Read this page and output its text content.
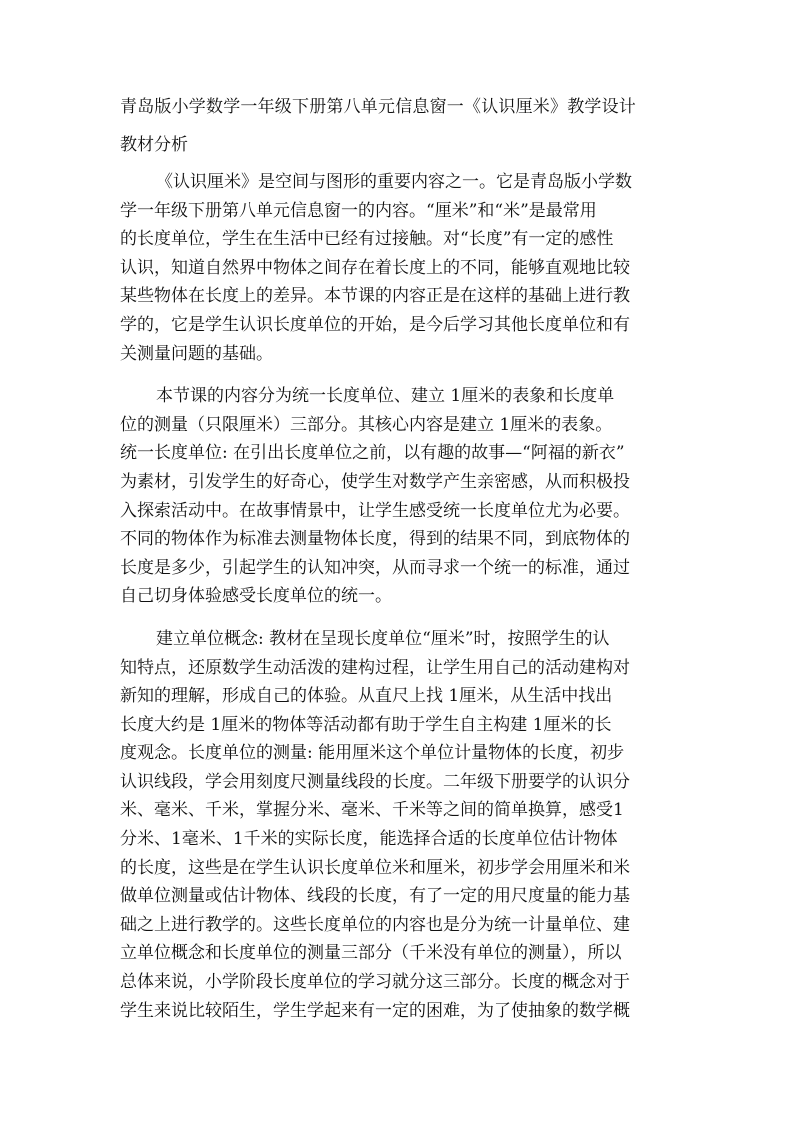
青岛版小学数学一年级下册第八单元信息窗一《认识厘米》教学设计
教材分析
《认识厘米》是空间与图形的重要内容之一。它是青岛版小学数
学一年级下册第八单元信息窗一的内容。“厘米”和“米”是最常用
的长度单位，学生在生活中已经有过接触。对“长度”有一定的感性
认识，知道自然界中物体之间存在着长度上的不同，能够直观地比较
某些物体在长度上的差异。本节课的内容正是在这样的基础上进行教
学的，它是学生认识长度单位的开始，是今后学习其他长度单位和有
关测量问题的基础。
本节课的内容分为统一长度单位、建立 1厘米的表象和长度单
位的测量（只限厘米）三部分。其核心内容是建立 1厘米的表象。
统一长度单位: 在引出长度单位之前，以有趣的故事—“阿福的新衣”
为素材，引发学生的好奇心，使学生对数学产生亲密感，从而积极投
入探索活动中。在故事情景中，让学生感受统一长度单位尤为必要。
不同的物体作为标准去测量物体长度，得到的结果不同，到底物体的
长度是多少，引起学生的认知冲突，从而寻求一个统一的标准，通过
自己切身体验感受长度单位的统一。
建立单位概念: 教材在呈现长度单位“厘米”时，按照学生的认
知特点，还原数学生动活泼的建构过程，让学生用自己的活动建构对
新知的理解，形成自己的体验。从直尺上找 1厘米，从生活中找出
长度大约是 1厘米的物体等活动都有助于学生自主构建 1厘米的长
度观念。长度单位的测量: 能用厘米这个单位计量物体的长度，初步
认识线段，学会用刻度尺测量线段的长度。二年级下册要学的认识分
米、毫米、千米，掌握分米、毫米、千米等之间的简单换算，感受1
分米、1毫米、1千米的实际长度，能选择合适的长度单位估计物体
的长度，这些是在学生认识长度单位米和厘米，初步学会用厘米和米
做单位测量或估计物体、线段的长度，有了一定的用尺度量的能力基
础之上进行教学的。这些长度单位的内容也是分为统一计量单位、建
立单位概念和长度单位的测量三部分（千米没有单位的测量），所以
总体来说，小学阶段长度单位的学习就分这三部分。长度的概念对于
学生来说比较陌生，学生学起来有一定的困难，为了使抽象的数学概
